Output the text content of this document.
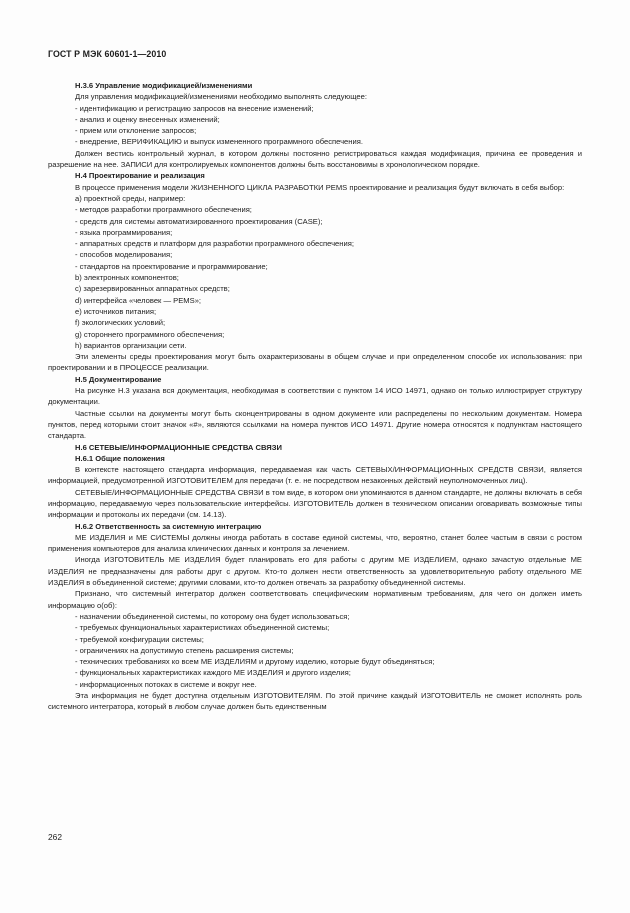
ГОСТ Р МЭК 60601-1—2010

Н.3.6 Управление модификацией/изменениями

Для управления модификацией/изменениями необходимо выполнять следующее:

- идентификацию и регистрацию запросов на внесение изменений;

- анализ и оценку внесенных изменений;

- прием или отклонение запросов;

- внедрение, ВЕРИФИКАЦИЮ и выпуск измененного программного обеспечения.

Должен вестись контрольный журнал, в котором должны постоянно регистрироваться каждая модификация, причина ее проведения и разрешение на нее. ЗАПИСИ для контролируемых компонентов должны быть восстановимы в хронологическом порядке.

Н.4 Проектирование и реализация

В процессе применения модели ЖИЗНЕННОГО ЦИКЛА РАЗРАБОТКИ PEMS проектирование и реализация будут включать в себя выбор:

а) проектной среды, например:

- методов разработки программного обеспечения;

- средств для системы автоматизированного проектирования (CASE);

- языка программирования;

- аппаратных средств и платформ для разработки программного обеспечения;

- способов моделирования;

- стандартов на проектирование и программирование;

b) электронных компонентов;

с) зарезервированных аппаратных средств;

d) интерфейса «человек — PEMS»;

е) источников питания;

f) экологических условий;

g) стороннего программного обеспечения;

h) вариантов организации сети.

Эти элементы среды проектирования могут быть охарактеризованы в общем случае и при определенном способе их использования: при проектировании и в ПРОЦЕССЕ реализации.

Н.5 Документирование

На рисунке Н.3 указана вся документация, необходимая в соответствии с пунктом 14 ИСО 14971, однако он только иллюстрирует структуру документации.

Частные ссылки на документы могут быть сконцентрированы в одном документе или распределены по нескольким документам. Номера пунктов, перед которыми стоит значок «#», являются ссылками на номера пунктов ИСО 14971. Другие номера относятся к подпунктам настоящего стандарта.

Н.6 СЕТЕВЫЕ/ИНФОРМАЦИОННЫЕ СРЕДСТВА СВЯЗИ

Н.6.1 Общие положения

В контексте настоящего стандарта информация, передаваемая как часть СЕТЕВЫХ/ИНФОРМАЦИОННЫХ СРЕДСТВ СВЯЗИ, является информацией, предусмотренной ИЗГОТОВИТЕЛЕМ для передачи (т. е. не посредством незаконных действий неуполномоченных лиц).

СЕТЕВЫЕ/ИНФОРМАЦИОННЫЕ СРЕДСТВА СВЯЗИ в том виде, в котором они упоминаются в данном стандарте, не должны включать в себя информацию, передаваемую через пользовательские интерфейсы. ИЗГОТОВИТЕЛЬ должен в техническом описании оговаривать возможные типы информации и протоколы их передачи (см. 14.13).

Н.6.2 Ответственность за системную интеграцию

МЕ ИЗДЕЛИЯ и МЕ СИСТЕМЫ должны иногда работать в составе единой системы, что, вероятно, станет более частым в связи с ростом применения компьютеров для анализа клинических данных и контроля за лечением.

Иногда ИЗГОТОВИТЕЛЬ МЕ ИЗДЕЛИЯ будет планировать его для работы с другим МЕ ИЗДЕЛИЕМ, однако зачастую отдельные МЕ ИЗДЕЛИЯ не предназначены для работы друг с другом. Кто-то должен нести ответственность за удовлетворительную работу отдельного МЕ ИЗДЕЛИЯ в объединенной системе; другими словами, кто-то должен отвечать за разработку объединенной системы.

Признано, что системный интегратор должен соответствовать специфическим нормативным требованиям, для чего он должен иметь информацию о(об):

- назначении объединенной системы, по которому она будет использоваться;

- требуемых функциональных характеристиках объединенной системы;

- требуемой конфигурации системы;

- ограничениях на допустимую степень расширения системы;

- технических требованиях ко всем МЕ ИЗДЕЛИЯМ и другому изделию, которые будут объединяться;

- функциональных характеристиках каждого МЕ ИЗДЕЛИЯ и другого изделия;

- информационных потоках в системе и вокруг нее.

Эта информация не будет доступна отдельным ИЗГОТОВИТЕЛЯМ. По этой причине каждый ИЗГОТОВИТЕЛЬ не сможет исполнять роль системного интегратора, который в любом случае должен быть единственным

262
